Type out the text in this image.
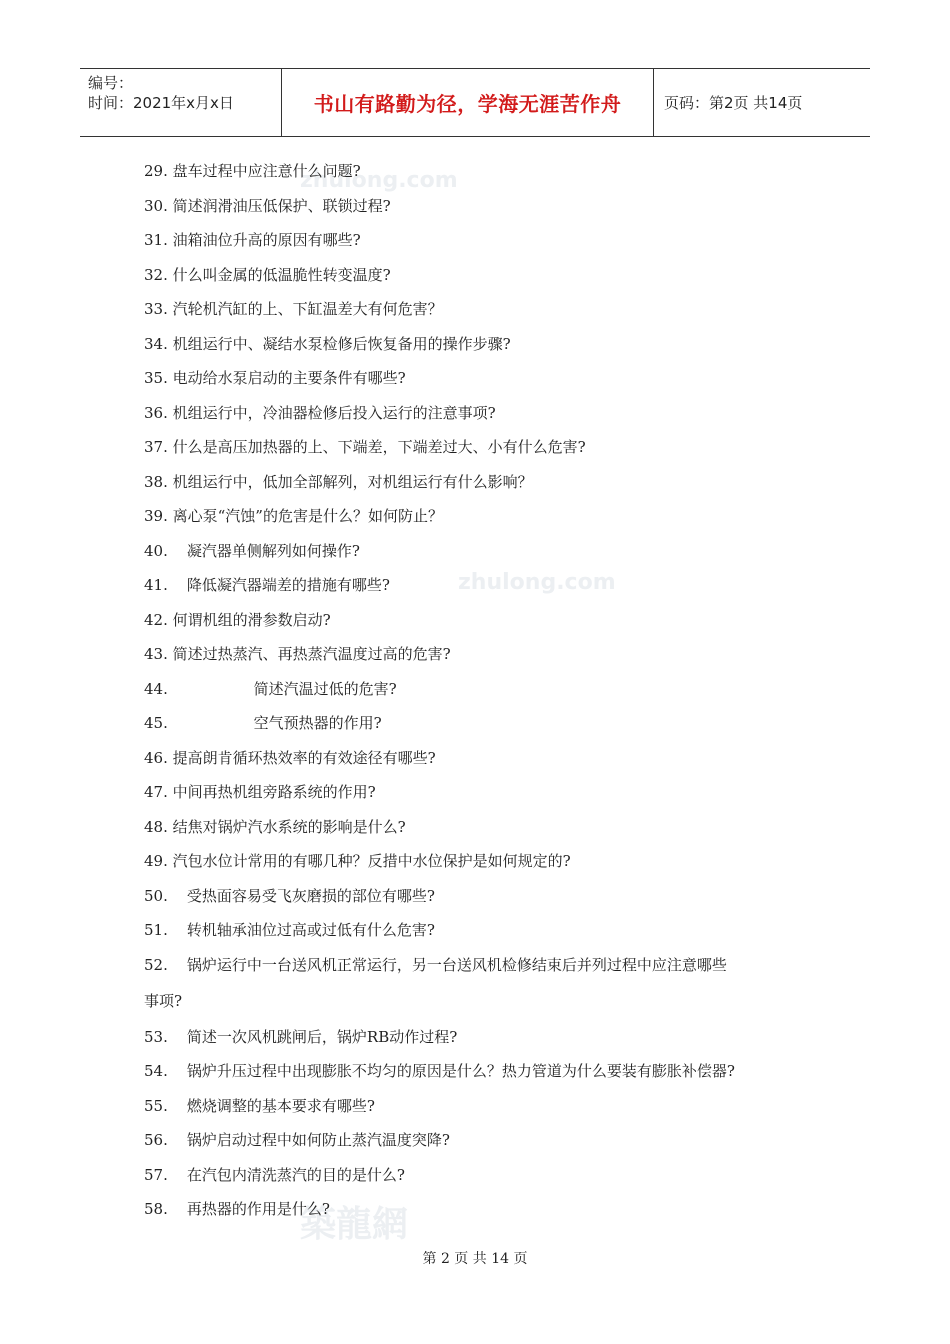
编号：
时间：2021年x月x日	书山有路勤为径，学海无涯苦作舟	页码：第2页 共14页
zhulong.com
zhulong.com
築龍網
29. 盘车过程中应注意什么问题?
30. 简述润滑油压低保护、联锁过程?
31. 油箱油位升高的原因有哪些?
32. 什么叫金属的低温脆性转变温度?
33. 汽轮机汽缸的上、下缸温差大有何危害？
34. 机组运行中、凝结水泵检修后恢复备用的操作步骤?
35. 电动给水泵启动的主要条件有哪些?
36. 机组运行中，冷油器检修后投入运行的注意事项?
37. 什么是高压加热器的上、下端差，下端差过大、小有什么危害?
38. 机组运行中，低加全部解列，对机组运行有什么影响？
39. 离心泵“汽蚀”的危害是什么？如何防止？
40.    凝汽器单侧解列如何操作?
41.    降低凝汽器端差的措施有哪些?
42. 何谓机组的滑参数启动?
43. 简述过热蒸汽、再热蒸汽温度过高的危害?
44.                  简述汽温过低的危害?
45.                  空气预热器的作用?
46. 提高朗肯循环热效率的有效途径有哪些?
47. 中间再热机组旁路系统的作用?
48. 结焦对锅炉汽水系统的影响是什么?
49. 汽包水位计常用的有哪几种？反措中水位保护是如何规定的?
50.    受热面容易受飞灰磨损的部位有哪些?
51.    转机轴承油位过高或过低有什么危害?
52.    锅炉运行中一台送风机正常运行，另一台送风机检修结束后并列过程中应注意哪些
事项?
53.    简述一次风机跳闸后，锅炉RB动作过程?
54.    锅炉升压过程中出现膨胀不均匀的原因是什么？热力管道为什么要装有膨胀补偿器?
55.    燃烧调整的基本要求有哪些?
56.    锅炉启动过程中如何防止蒸汽温度突降?
57.    在汽包内清洗蒸汽的目的是什么?
58.    再热器的作用是什么?
第 2 页 共 14 页
